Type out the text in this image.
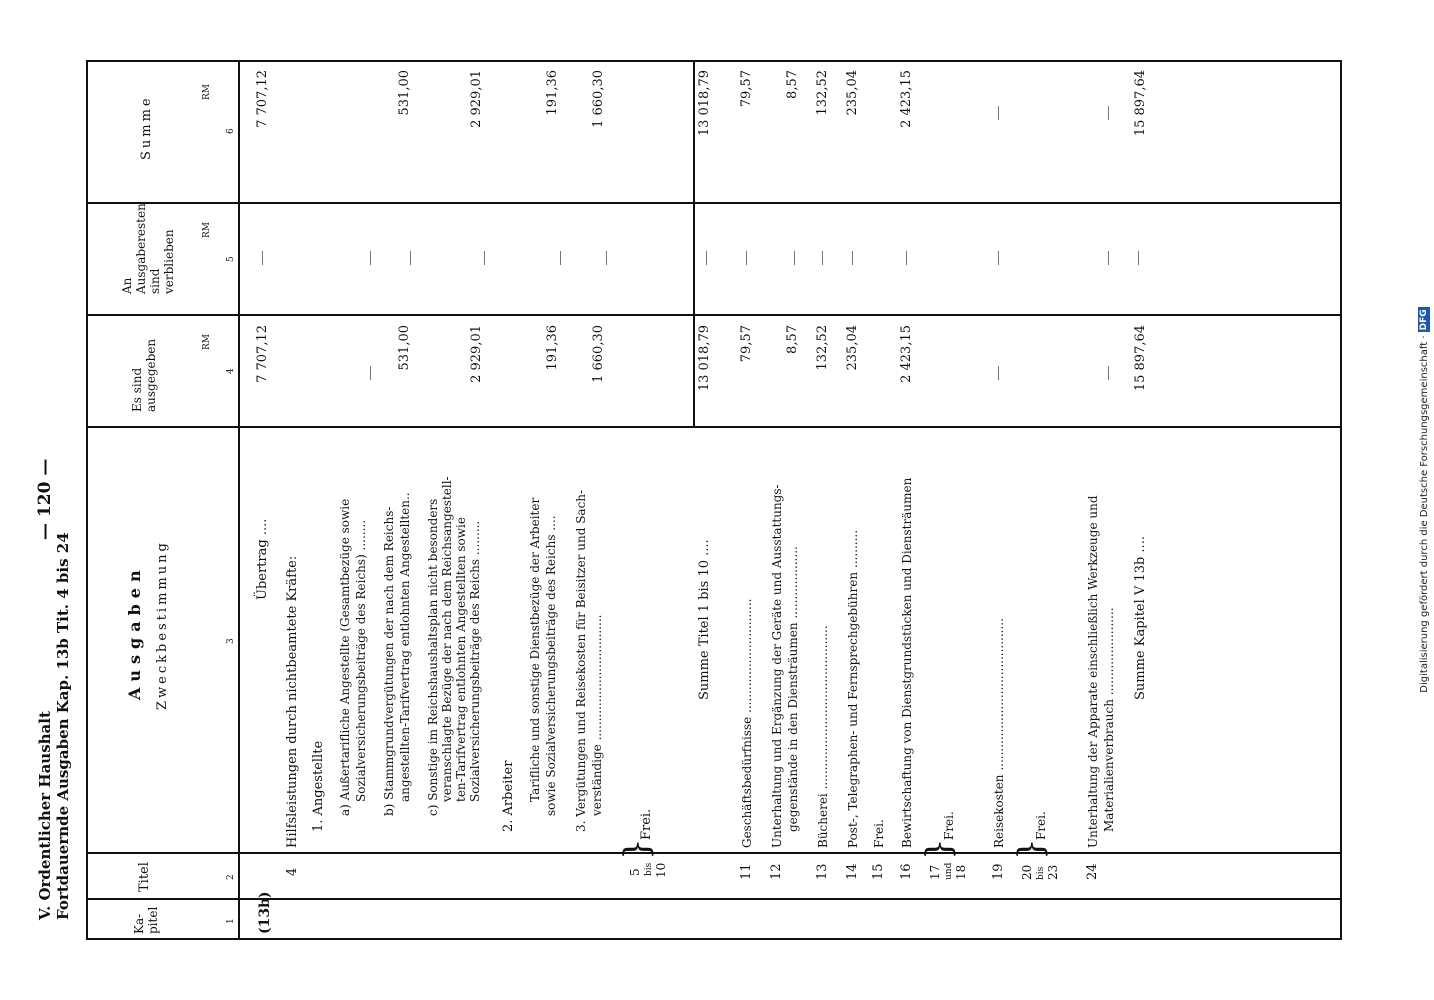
V. Ordentlicher Haushalt Fortdauernde Ausgaben Kap. 13b Tit. 4 bis 24
— 120 —
Ka-pitel
Titel
Ausgaben Zweckbestimmung
Es sind ausgegeben
An Ausgaberesten sind verblieben
Summe
RM
RM
RM
1
2
3
4
5
6
(13b)
Übertrag ....
7 707,12
7 707,12
4
Hilfsleistungen durch nichtbeamtete Kräfte: 1. Angestellte a) Außertarifliche Angestellte (Gesamtbezüge sowie Sozialversicherungsbeiträge des Reichs) ........ b) Stammgrundvergütungen der nach dem Reichs- angestellten-Tarifvertrag entlohnten Angestellten..
531,00
531,00
c) Sonstige im Reichshaushaltsplan nicht besonders veranschlagte Bezüge der nach dem Reichsangestell- ten-Tarifvertrag entlohnten Angestellten sowie Sozialversicherungsbeiträge des Reichs .........
2 929,01
2 929,01
2. Arbeiter Tarifliche und sonstige Dienstbezüge der Arbeiter sowie Sozialversicherungsbeiträge des Reichs ....
191,36
191,36
3. Vergütungen und Reisekosten für Beisitzer und Sach- verständige .................................
1 660,30
1 660,30
5 bis 10
}
Frei.
Summe Titel 1 bis 10 ....
13 018,79
13 018,79
11
Geschäftsbedürfnisse ..............................
79,57
79,57
12
Unterhaltung und Ergänzung der Geräte und Ausstattungs- gegenstände in den Diensträumen ...................
8,57
8,57
13
Bücherei ...........................................
132,52
132,52
14
Post-, Telegraphen- und Fernsprechgebühren ..........
235,04
235,04
15
Frei.
16
Bewirtschaftung von Dienstgrundstücken und Diensträumen
2 423,15
2 423,15
17 und 18
}
Frei.
19
Reisekosten ........................................
20 bis 23
}
Frei.
24
Unterhaltung der Apparate einschließlich Werkzeuge und Materialienverbrauch ....................... Summe Kapitel V 13b ....
15 897,64
15 897,64
Digitalisierung gefördert durch die Deutsche Forschungsgemeinschaft · DFG
